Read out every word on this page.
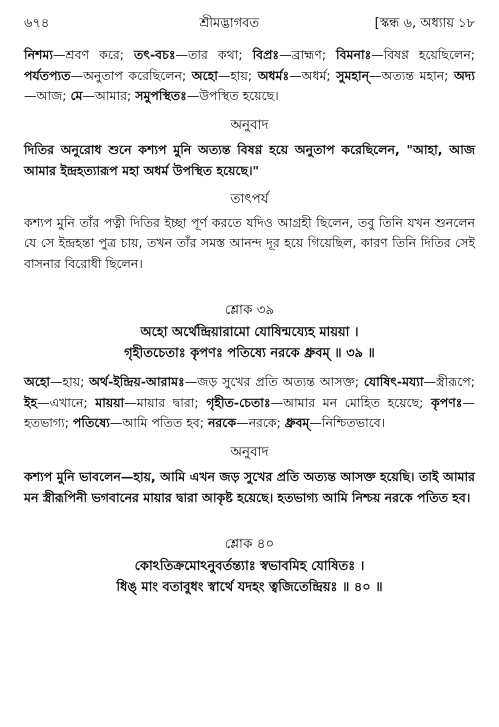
৬৭৪	শ্রীমদ্ভাগবত	[স্কন্ধ ৬, অধ্যায় ১৮

নিশম্য—শ্রবণ করে; তৎ-বচঃ—তার কথা; বিপ্রঃ—ব্রাহ্মণ; বিমনাঃ—বিষণ্ণ হয়েছিলেন; পর্যতপ্যত—অনুতাপ করেছিলেন; অহো—হায়; অধর্মঃ—অধর্ম; সুমহান্—অত্যন্ত মহান; অদ্য—আজ; মে—আমার; সমুপস্থিতঃ—উপস্থিত হয়েছে।

অনুবাদ

দিতির অনুরোধ শুনে কশ্যপ মুনি অত্যন্ত বিষণ্ণ হয়ে অনুতাপ করেছিলেন, "আহা, আজ আমার ইন্দ্রহত্যারূপ মহা অধর্ম উপস্থিত হয়েছে।"

তাৎপর্য

কশ্যপ মুনি তাঁর পত্নী দিতির ইচ্ছা পূর্ণ করতে যদিও আগ্রহী ছিলেন, তবু তিনি যখন শুনলেন যে সে ইন্দ্রহন্তা পুত্র চায়, তখন তাঁর সমস্ত আনন্দ দূর হয়ে গিয়েছিল, কারণ তিনি দিতির সেই বাসনার বিরোধী ছিলেন।

শ্লোক ৩৯

অহো অর্থেন্দ্রিয়ারামো যোষিন্ময্যেহ মায়য়া ।

গৃহীতচেতাঃ কৃপণঃ পতিষ্যে নরকে ধ্রুবম্ ॥ ৩৯ ॥

অহো—হায়; অর্থ-ইন্দ্রিয়-আরামঃ—জড় সুখের প্রতি অত্যন্ত আসক্ত; যোষিৎ-ময্যা—স্ত্রীরূপে; ইহ—এখানে; মায়য়া—মায়ার দ্বারা; গৃহীত-চেতাঃ—আমার মন মোহিত হয়েছে; কৃপণঃ—হতভাগ্য; পতিষ্যে—আমি পতিত হব; নরকে—নরকে; ধ্রুবম্—নিশ্চিতভাবে।

অনুবাদ

কশ্যপ মুনি ভাবলেন—হায়, আমি এখন জড় সুখের প্রতি অত্যন্ত আসক্ত হয়েছি। তাই আমার মন স্ত্রীরূপিনী ভগবানের মায়ার দ্বারা আকৃষ্ট হয়েছে। হতভাগ্য আমি নিশ্চয় নরকে পতিত হব।

শ্লোক ৪০

কোঽতিক্রমোঽনুবর্তন্ত্যাঃ স্বভাবমিহ যোষিতঃ ।

ধিঙ্ মাং বতাবুধং স্বার্থে যদহং ত্বজিতেন্দ্রিয়ঃ ॥ ৪০ ॥
